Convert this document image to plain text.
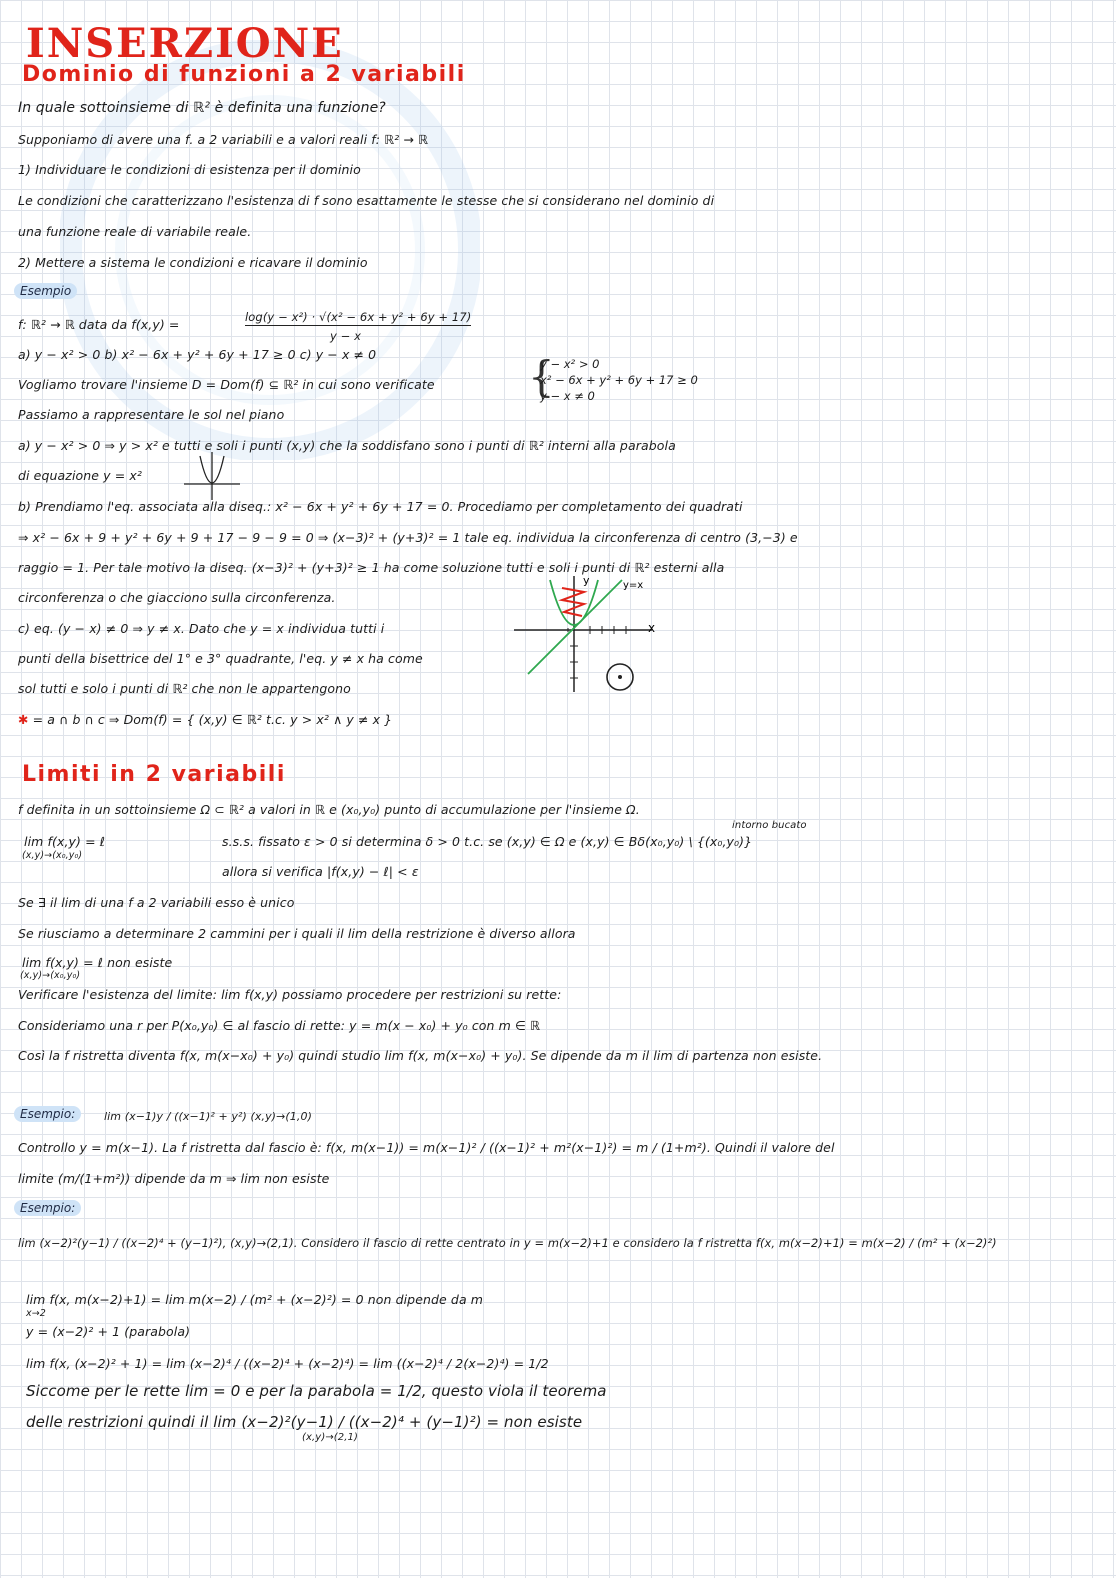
INSERZIONE
Dominio di funzioni a 2 variabili
In quale sottoinsieme di ℝ² è definita una funzione?
Supponiamo di avere una f. a 2 variabili e a valori reali f: ℝ² → ℝ
1) Individuare le condizioni di esistenza per il dominio
Le condizioni che caratterizzano l'esistenza di f sono esattamente le stesse che si considerano nel dominio di
una funzione reale di variabile reale.
2) Mettere a sistema le condizioni e ricavare il dominio
Esempio
f: ℝ² → ℝ data da f(x,y) =	log(y − x²) · √(x² − 6x + y² + 6y + 17)
y − x
a) y − x² > 0 b) x² − 6x + y² + 6y + 17 ≥ 0 c) y − x ≠ 0
Vogliamo trovare l'insieme D = Dom(f) ⊆ ℝ² in cui sono verificate {
y − x² > 0
x² − 6x + y² + 6y + 17 ≥ 0
y − x ≠ 0
Passiamo a rappresentare le sol nel piano
a) y − x² > 0 ⇒ y > x² e tutti e soli i punti (x,y) che la soddisfano sono i punti di ℝ² interni alla parabola
di equazione y = x²
b) Prendiamo l'eq. associata alla diseq.: x² − 6x + y² + 6y + 17 = 0. Procediamo per completamento dei quadrati
⇒ x² − 6x + 9 + y² + 6y + 9 + 17 − 9 − 9 = 0 ⇒ (x−3)² + (y+3)² = 1 tale eq. individua la circonferenza di centro (3,−3) e
raggio = 1. Per tale motivo la diseq. (x−3)² + (y+3)² ≥ 1 ha come soluzione tutti e soli i punti di ℝ² esterni alla
circonferenza o che giacciono sulla circonferenza.
c) eq. (y − x) ≠ 0 ⇒ y ≠ x. Dato che y = x individua tutti i
punti della bisettrice del 1° e 3° quadrante, l'eq. y ≠ x ha come
sol tutti e solo i punti di ℝ² che non le appartengono
y
x
y=x
✱ = a ∩ b ∩ c ⇒ Dom(f) = { (x,y) ∈ ℝ² t.c. y > x² ∧ y ≠ x }
Limiti in 2 variabili
f definita in un sottoinsieme Ω ⊂ ℝ² a valori in ℝ e (x₀,y₀) punto di accumulazione per l'insieme Ω.
lim f(x,y) = ℓ
(x,y)→(x₀,y₀)
s.s.s. fissato ε > 0 si determina δ > 0 t.c. se (x,y) ∈ Ω e (x,y) ∈ Bδ(x₀,y₀) \ {(x₀,y₀)}
intorno bucato
allora si verifica |f(x,y) − ℓ| < ε
Se ∃ il lim di una f a 2 variabili esso è unico
Se riusciamo a determinare 2 cammini per i quali il lim della restrizione è diverso allora
lim f(x,y) = ℓ non esiste
(x,y)→(x₀,y₀)
Verificare l'esistenza del limite: lim f(x,y) possiamo procedere per restrizioni su rette:
Consideriamo una r per P(x₀,y₀) ∈ al fascio di rette: y = m(x − x₀) + y₀ con m ∈ ℝ
Così la f ristretta diventa f(x, m(x−x₀) + y₀) quindi studio lim f(x, m(x−x₀) + y₀). Se dipende da m il lim di partenza non esiste.
Esempio:	lim (x−1)y / ((x−1)² + y²) (x,y)→(1,0)
Controllo y = m(x−1). La f ristretta dal fascio è: f(x, m(x−1)) = m(x−1)² / ((x−1)² + m²(x−1)²) = m / (1+m²). Quindi il valore del
limite (m/(1+m²)) dipende da m ⇒ lim non esiste
Esempio:
lim (x−2)²(y−1) / ((x−2)⁴ + (y−1)²), (x,y)→(2,1). Considero il fascio di rette centrato in y = m(x−2)+1 e considero la f ristretta f(x, m(x−2)+1) = m(x−2) / (m² + (x−2)²)
lim f(x, m(x−2)+1) = lim m(x−2) / (m² + (x−2)²) = 0 non dipende da m
x→2
y = (x−2)² + 1 (parabola)
lim f(x, (x−2)² + 1) = lim (x−2)⁴ / ((x−2)⁴ + (x−2)⁴) = lim ((x−2)⁴ / 2(x−2)⁴) = 1/2
Siccome per le rette lim = 0 e per la parabola = 1/2, questo viola il teorema
delle restrizioni quindi il lim (x−2)²(y−1) / ((x−2)⁴ + (y−1)²) = non esiste
(x,y)→(2,1)
